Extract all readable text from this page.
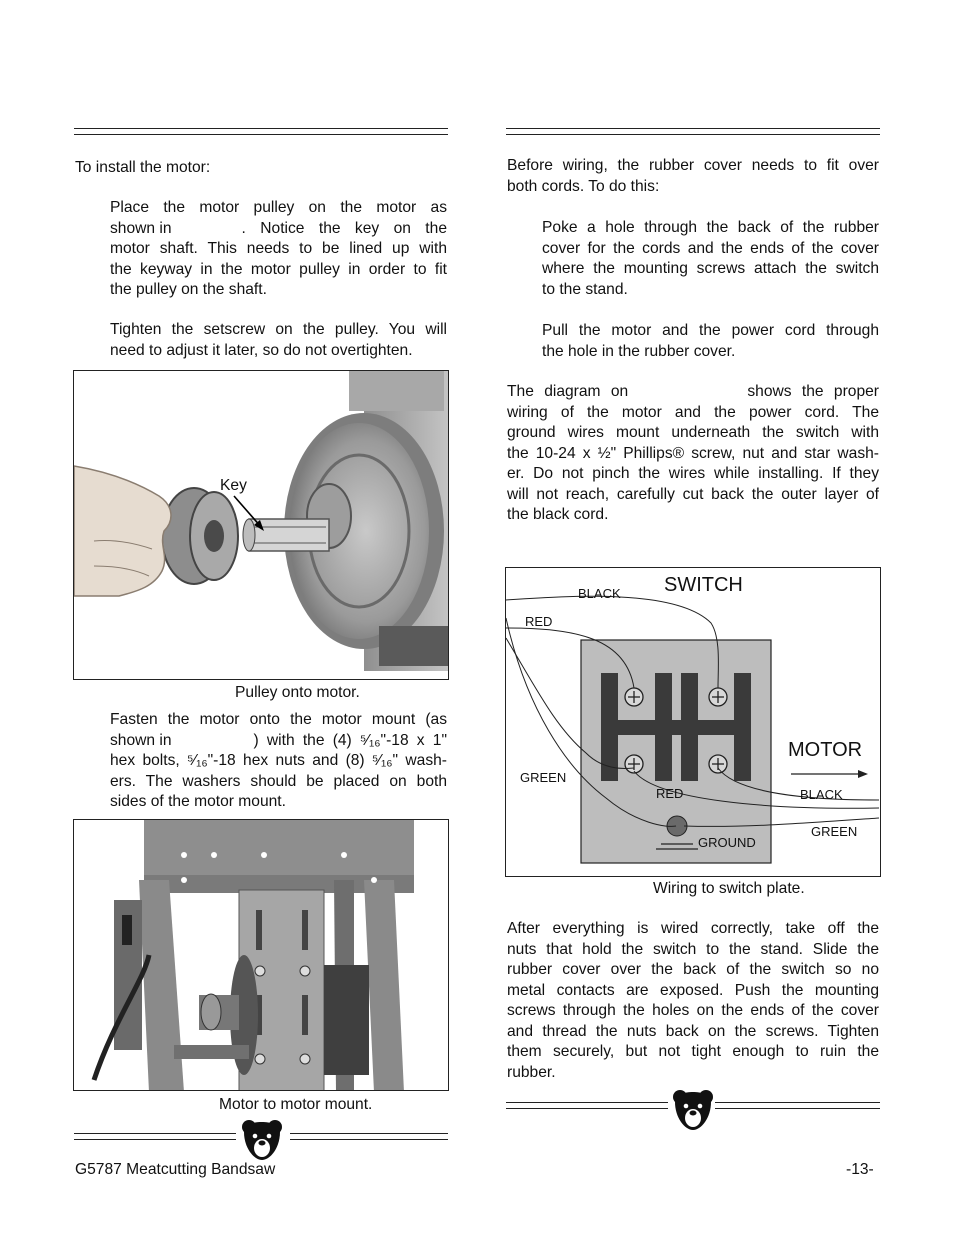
To install the motor:

Place the motor pulley on the motor as

shown in	. Notice the key on the

motor shaft. This needs to be lined up with

the keyway in the motor pulley in order to fit

the pulley on the shaft.

Tighten the setscrew on the pulley. You will

need to adjust it later, so do not overtighten.

Key
Pulley onto motor.

Fasten the motor onto the motor mount (as

shown in	) with the (4) ⁵⁄₁₆"-18 x 1"

hex bolts, ⁵⁄₁₆"-18 hex nuts and (8) ⁵⁄₁₆" wash-

ers. The washers should be placed on both

sides of the motor mount.

Motor to motor mount.

Before wiring, the rubber cover needs to fit over

both cords. To do this:

Poke a hole through the back of the rubber

cover for the cords and the ends of the cover

where the mounting screws attach the switch

to the stand.

Pull the motor and the power cord through

the hole in the rubber cover.

The diagram on	shows the proper

wiring of the motor and the power cord. The

ground wires mount underneath the switch with

the 10-24 x ½" Phillips® screw, nut and star wash-

er. Do not pinch the wires while installing. If they

will not reach, carefully cut back the outer layer of

the black cord.

SWITCH
MOTOR
BLACK
RED
GREEN
RED	BLACK
GREEN
GROUND
Wiring to switch plate.

After everything is wired correctly, take off the

nuts that hold the switch to the stand. Slide the

rubber cover over the back of the switch so no

metal contacts are exposed. Push the mounting

screws through the holes on the ends of the cover

and thread the nuts back on the screws. Tighten

them securely, but not tight enough to ruin the

rubber.

G5787 Meatcutting Bandsaw	-13-
